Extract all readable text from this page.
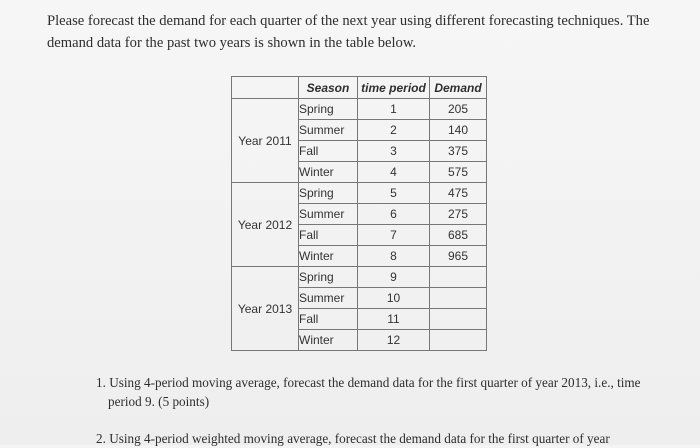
Please forecast the demand for each quarter of the next year using different forecasting techniques. The
demand data for the past two years is shown in the table below.
	Season	time period	Demand
Year 2011	Spring	1	205
	Summer	2	140
	Fall	3	375
	Winter	4	575
Year 2012	Spring	5	475
	Summer	6	275
	Fall	7	685
	Winter	8	965
Year 2013	Spring	9	
	Summer	10	
	Fall	11	
	Winter	12	
1. Using 4-period moving average, forecast the demand data for the first quarter of year 2013, i.e., time
period 9. (5 points)
2. Using 4-period weighted moving average, forecast the demand data for the first quarter of year
